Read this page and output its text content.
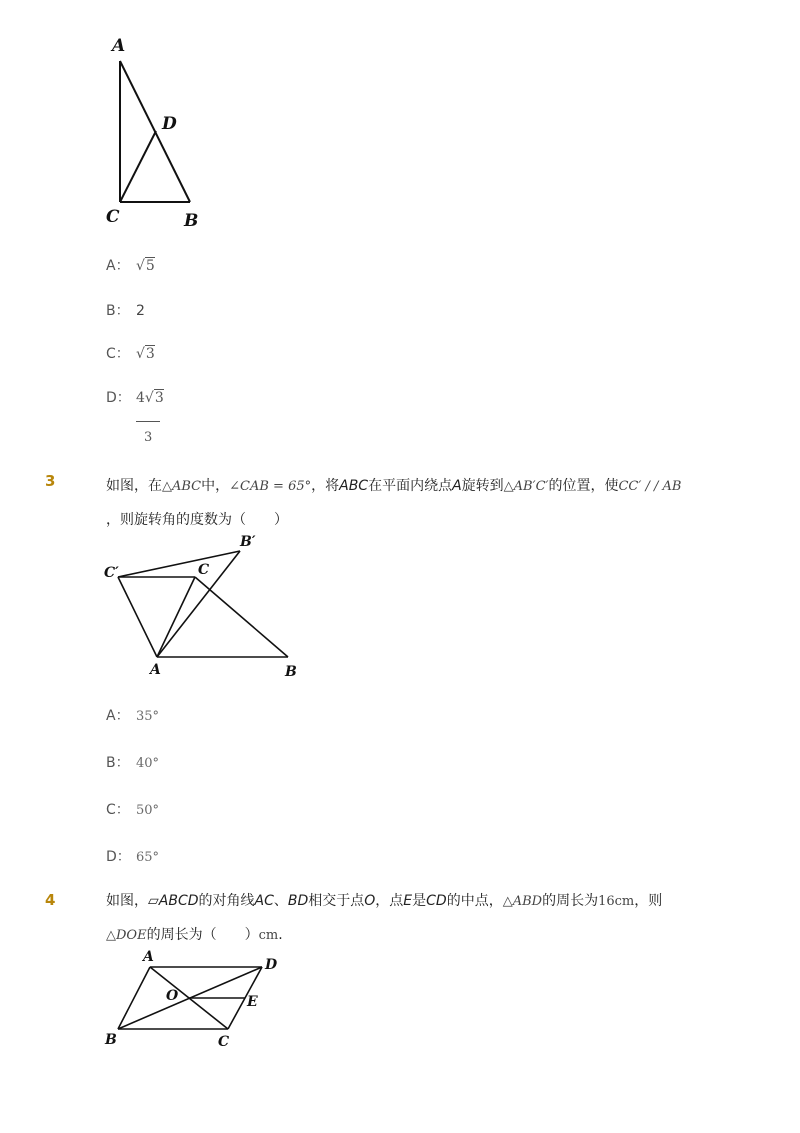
A
D
C	B
A： √5
B： 2
C： √3
D： 4√3
3
3	如图，在△ABC中，∠CAB = 65°，将ABC在平面内绕点A旋转到△AB′C′的位置，使CC′ / / AB
，则旋转角的度数为（　　）
B′
C′	C
A	B
A： 35°
B： 40°
C： 50°
D： 65°
4	如图，▱ABCD的对角线AC、BD相交于点O，点E是CD的中点，△ABD的周长为16cm，则
△DOE的周长为（　　）cm.
A	D
O	E
B	C
